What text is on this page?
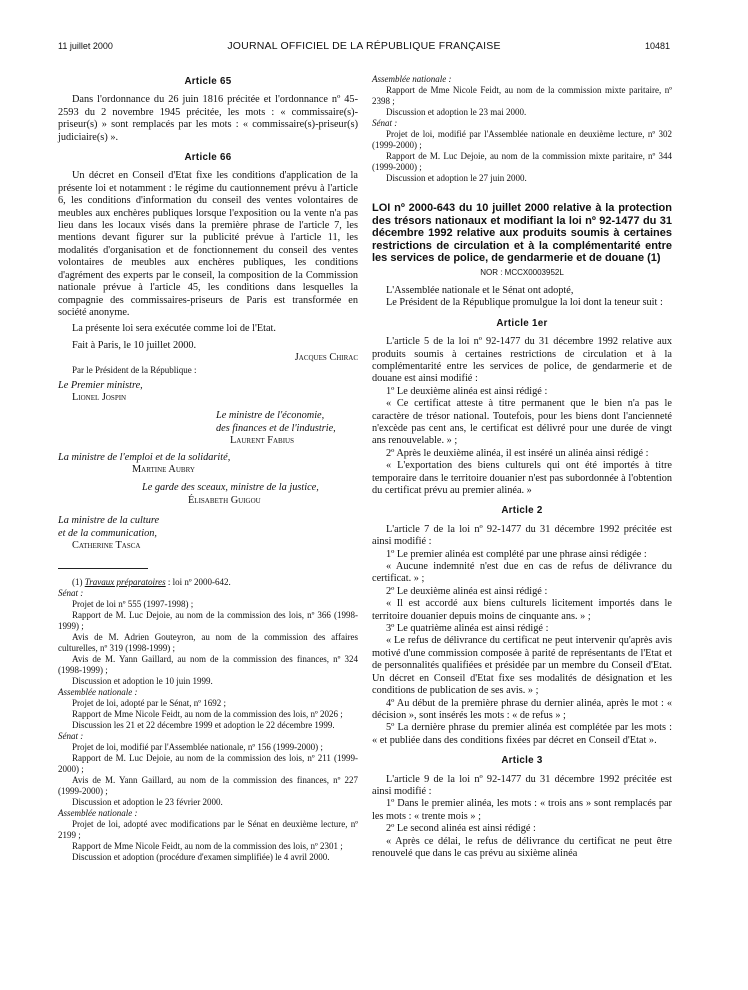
11 juillet 2000	JOURNAL OFFICIEL DE LA RÉPUBLIQUE FRANÇAISE	10481
Article 65

Dans l'ordonnance du 26 juin 1816 précitée et l'ordonnance nº 45-2593 du 2 novembre 1945 précitée, les mots : « commissaire(s)-priseur(s) » sont remplacés par les mots : « commissaire(s)-priseur(s) judiciaire(s) ».

Article 66

Un décret en Conseil d'Etat fixe les conditions d'application de la présente loi et notamment : le régime du cautionnement prévu à l'article 6, les conditions d'information du conseil des ventes volontaires de meubles aux enchères publiques lorsque l'exposition ou la vente n'a pas lieu dans les locaux visés dans la première phrase de l'article 7, les mentions devant figurer sur la publicité prévue à l'article 11, les modalités d'organisation et de fonctionnement du conseil des ventes volontaires de meubles aux enchères publiques, les conditions d'agrément des experts par le conseil, la composition de la Commission nationale prévue à l'article 45, les conditions dans lesquelles la compagnie des commissaires-priseurs de Paris est transformée en société anonyme.

La présente loi sera exécutée comme loi de l'Etat.

Fait à Paris, le 10 juillet 2000.

Jacques Chirac

Par le Président de la République :

Le Premier ministre,

Lionel Jospin

Le ministre de l'économie,

des finances et de l'industrie,

Laurent Fabius

La ministre de l'emploi et de la solidarité,

Martine Aubry

Le garde des sceaux, ministre de la justice,

Élisabeth Guigou

La ministre de la culture

et de la communication,

Catherine Tasca

(1) Travaux préparatoires : loi nº 2000-642.

Sénat :

Projet de loi nº 555 (1997-1998) ;

Rapport de M. Luc Dejoie, au nom de la commission des lois, nº 366 (1998-1999) ;

Avis de M. Adrien Gouteyron, au nom de la commission des affaires culturelles, nº 319 (1998-1999) ;

Avis de M. Yann Gaillard, au nom de la commission des finances, nº 324 (1998-1999) ;

Discussion et adoption le 10 juin 1999.

Assemblée nationale :

Projet de loi, adopté par le Sénat, nº 1692 ;

Rapport de Mme Nicole Feidt, au nom de la commission des lois, nº 2026 ;

Discussion les 21 et 22 décembre 1999 et adoption le 22 décembre 1999.

Sénat :

Projet de loi, modifié par l'Assemblée nationale, nº 156 (1999-2000) ;

Rapport de M. Luc Dejoie, au nom de la commission des lois, nº 211 (1999-2000) ;

Avis de M. Yann Gaillard, au nom de la commission des finances, nº 227 (1999-2000) ;

Discussion et adoption le 23 février 2000.

Assemblée nationale :

Projet de loi, adopté avec modifications par le Sénat en deuxième lecture, nº 2199 ;

Rapport de Mme Nicole Feidt, au nom de la commission des lois, nº 2301 ;

Discussion et adoption (procédure d'examen simplifiée) le 4 avril 2000.

Assemblée nationale :

Rapport de Mme Nicole Feidt, au nom de la commission mixte paritaire, nº 2398 ;

Discussion et adoption le 23 mai 2000.

Sénat :

Projet de loi, modifié par l'Assemblée nationale en deuxième lecture, nº 302 (1999-2000) ;

Rapport de M. Luc Dejoie, au nom de la commission mixte paritaire, nº 344 (1999-2000) ;

Discussion et adoption le 27 juin 2000.

LOI nº 2000-643 du 10 juillet 2000 relative à la protection des trésors nationaux et modifiant la loi nº 92-1477 du 31 décembre 1992 relative aux produits soumis à certaines restrictions de circulation et à la complémentarité entre les services de police, de gendarmerie et de douane (1)

NOR : MCCX0003952L

L'Assemblée nationale et le Sénat ont adopté,

Le Président de la République promulgue la loi dont la teneur suit :

Article 1er

L'article 5 de la loi nº 92-1477 du 31 décembre 1992 relative aux produits soumis à certaines restrictions de circulation et à la complémentarité entre les services de police, de gendarmerie et de douane est ainsi modifié :

1º Le deuxième alinéa est ainsi rédigé :

« Ce certificat atteste à titre permanent que le bien n'a pas le caractère de trésor national. Toutefois, pour les biens dont l'ancienneté n'excède pas cent ans, le certificat est délivré pour une durée de vingt ans renouvelable. » ;

2º Après le deuxième alinéa, il est inséré un alinéa ainsi rédigé :

« L'exportation des biens culturels qui ont été importés à titre temporaire dans le territoire douanier n'est pas subordonnée à l'obtention du certificat prévu au premier alinéa. »

Article 2

L'article 7 de la loi nº 92-1477 du 31 décembre 1992 précitée est ainsi modifié :

1º Le premier alinéa est complété par une phrase ainsi rédigée :

« Aucune indemnité n'est due en cas de refus de délivrance du certificat. » ;

2º Le deuxième alinéa est ainsi rédigé :

« Il est accordé aux biens culturels licitement importés dans le territoire douanier depuis moins de cinquante ans. » ;

3º Le quatrième alinéa est ainsi rédigé :

« Le refus de délivrance du certificat ne peut intervenir qu'après avis motivé d'une commission composée à parité de représentants de l'Etat et de personnalités qualifiées et présidée par un membre du Conseil d'Etat. Un décret en Conseil d'Etat fixe ses modalités de désignation et les conditions de publication de ses avis. » ;

4º Au début de la première phrase du dernier alinéa, après le mot : « décision », sont insérés les mots : « de refus » ;

5º La dernière phrase du premier alinéa est complétée par les mots : « et publiée dans des conditions fixées par décret en Conseil d'Etat ».

Article 3

L'article 9 de la loi nº 92-1477 du 31 décembre 1992 précitée est ainsi modifié :

1º Dans le premier alinéa, les mots : « trois ans » sont remplacés par les mots : « trente mois » ;

2º Le second alinéa est ainsi rédigé :

« Après ce délai, le refus de délivrance du certificat ne peut être renouvelé que dans le cas prévu au sixième alinéa
